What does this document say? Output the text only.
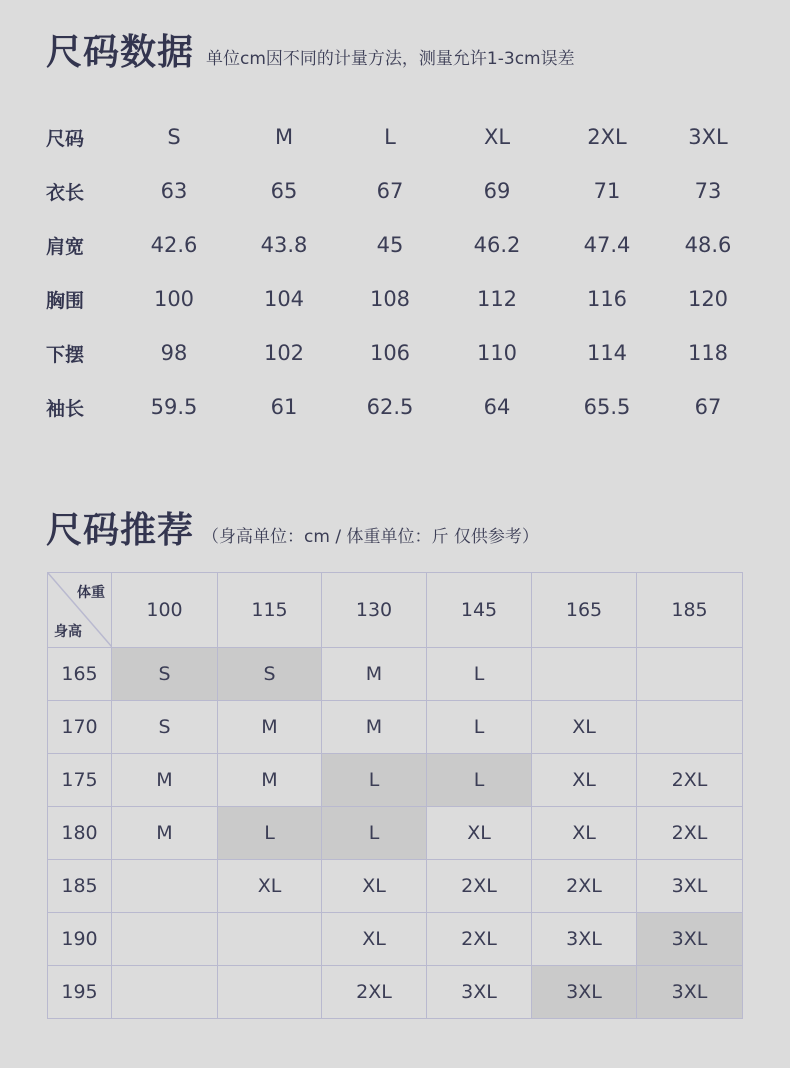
尺码数据 单位cm因不同的计量方法，测量允许1-3cm误差
尺码	S	M	L	XL	2XL	3XL
衣长	63	65	67	69	71	73
肩宽	42.6	43.8	45	46.2	47.4	48.6
胸围	100	104	108	112	116	120
下摆	98	102	106	110	114	118
袖长	59.5	61	62.5	64	65.5	67
尺码推荐 （身高单位：cm / 体重单位：斤 仅供参考）
体重
身高	100	115	130	145	165	185
165	S	S	M	L		
170	S	M	M	L	XL	
175	M	M	L	L	XL	2XL
180	M	L	L	XL	XL	2XL
185		XL	XL	2XL	2XL	3XL
190			XL	2XL	3XL	3XL
195			2XL	3XL	3XL	3XL
